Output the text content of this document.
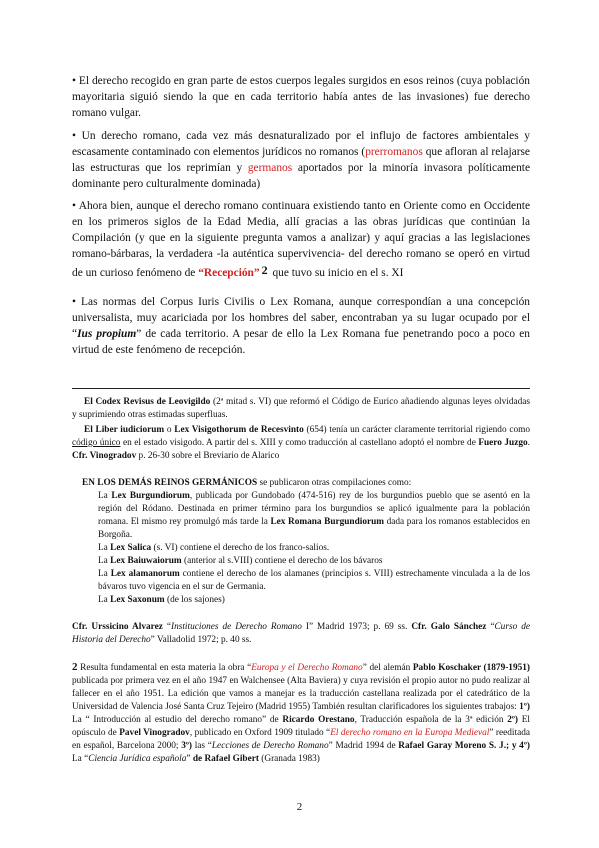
• El derecho recogido en gran parte de estos cuerpos legales surgidos en esos reinos (cuya población mayoritaria siguió siendo la que en cada territorio había antes de las invasiones) fue derecho romano vulgar.

• Un derecho romano, cada vez más desnaturalizado por el influjo de factores ambientales y escasamente contaminado con elementos jurídicos no romanos (prerromanos que afloran al relajarse las estructuras que los reprimían y germanos aportados por la minoría invasora políticamente dominante pero culturalmente dominada)

• Ahora bien, aunque el derecho romano continuara existiendo tanto en Oriente como en Occidente en los primeros siglos de la Edad Media, allí gracias a las obras jurídicas que continúan la Compilación (y que en la siguiente pregunta vamos a analizar) y aquí gracias a las legislaciones romano-bárbaras, la verdadera -la auténtica supervivencia- del derecho romano se operó en virtud de un curioso fenómeno de “Recepción” 2 que tuvo su inicio en el s. XI

• Las normas del Corpus Iuris Civilis o Lex Romana, aunque correspondían a una concepción universalista, muy acariciada por los hombres del saber, encontraban ya su lugar ocupado por el “Ius propium” de cada territorio. A pesar de ello la Lex Romana fue penetrando poco a poco en virtud de este fenómeno de recepción.

El Codex Revisus de Leovigildo (2ª mitad s. VI) que reformó el Código de Eurico añadiendo algunas leyes olvidadas y suprimiendo otras estimadas superfluas.

El Liber iudiciorum o Lex Visigothorum de Recesvinto (654) tenía un carácter claramente territorial rigiendo como código único en el estado visigodo. A partir del s. XIII y como traducción al castellano adoptó el nombre de Fuero Juzgo. Cfr. Vinogradov p. 26-30 sobre el Breviario de Alarico

EN LOS DEMÁS REINOS GERMÁNICOS se publicaron otras compilaciones como:

La Lex Burgundiorum, publicada por Gundobado (474-516) rey de los burgundios pueblo que se asentó en la región del Ródano. Destinada en primer término para los burgundios se aplicó igualmente para la población romana. El mismo rey promulgó más tarde la Lex Romana Burgundiorum dada para los romanos establecidos en Borgoña.

La Lex Salica (s. VI) contiene el derecho de los franco-salios.

La Lex Baiuwaiorum (anterior al s.VIII) contiene el derecho de los bávaros

La Lex alamanorum contiene el derecho de los alamanes (principios s. VIII) estrechamente vinculada a la de los bávaros tuvo vigencia en el sur de Germania.

La Lex Saxonum (de los sajones)

Cfr. Urssicino Alvarez “Instituciones de Derecho Romano I” Madrid 1973; p. 69 ss. Cfr. Galo Sánchez “Curso de Historia del Derecho” Valladolid 1972; p. 40 ss.

2 Resulta fundamental en esta materia la obra “Europa y el Derecho Romano” del alemán Pablo Koschaker (1879-1951) publicada por primera vez en el año 1947 en Walchensee (Alta Baviera) y cuya revisión el propio autor no pudo realizar al fallecer en el año 1951. La edición que vamos a manejar es la traducción castellana realizada por el catedrático de la Universidad de Valencia José Santa Cruz Tejeiro (Madrid 1955) También resultan clarificadores los siguientes trabajos: 1º) La “ Introducción al estudio del derecho romano” de Ricardo Orestano, Traducción española de la 3ª edición 2º) El opúsculo de Pavel Vinogradov, publicado en Oxford 1909 titulado “El derecho romano en la Europa Medieval” reeditada en español, Barcelona 2000; 3º) las “Lecciones de Derecho Romano” Madrid 1994 de Rafael Garay Moreno S. J.; y 4º) La “Ciencia Jurídica española” de Rafael Gibert (Granada 1983)

2
